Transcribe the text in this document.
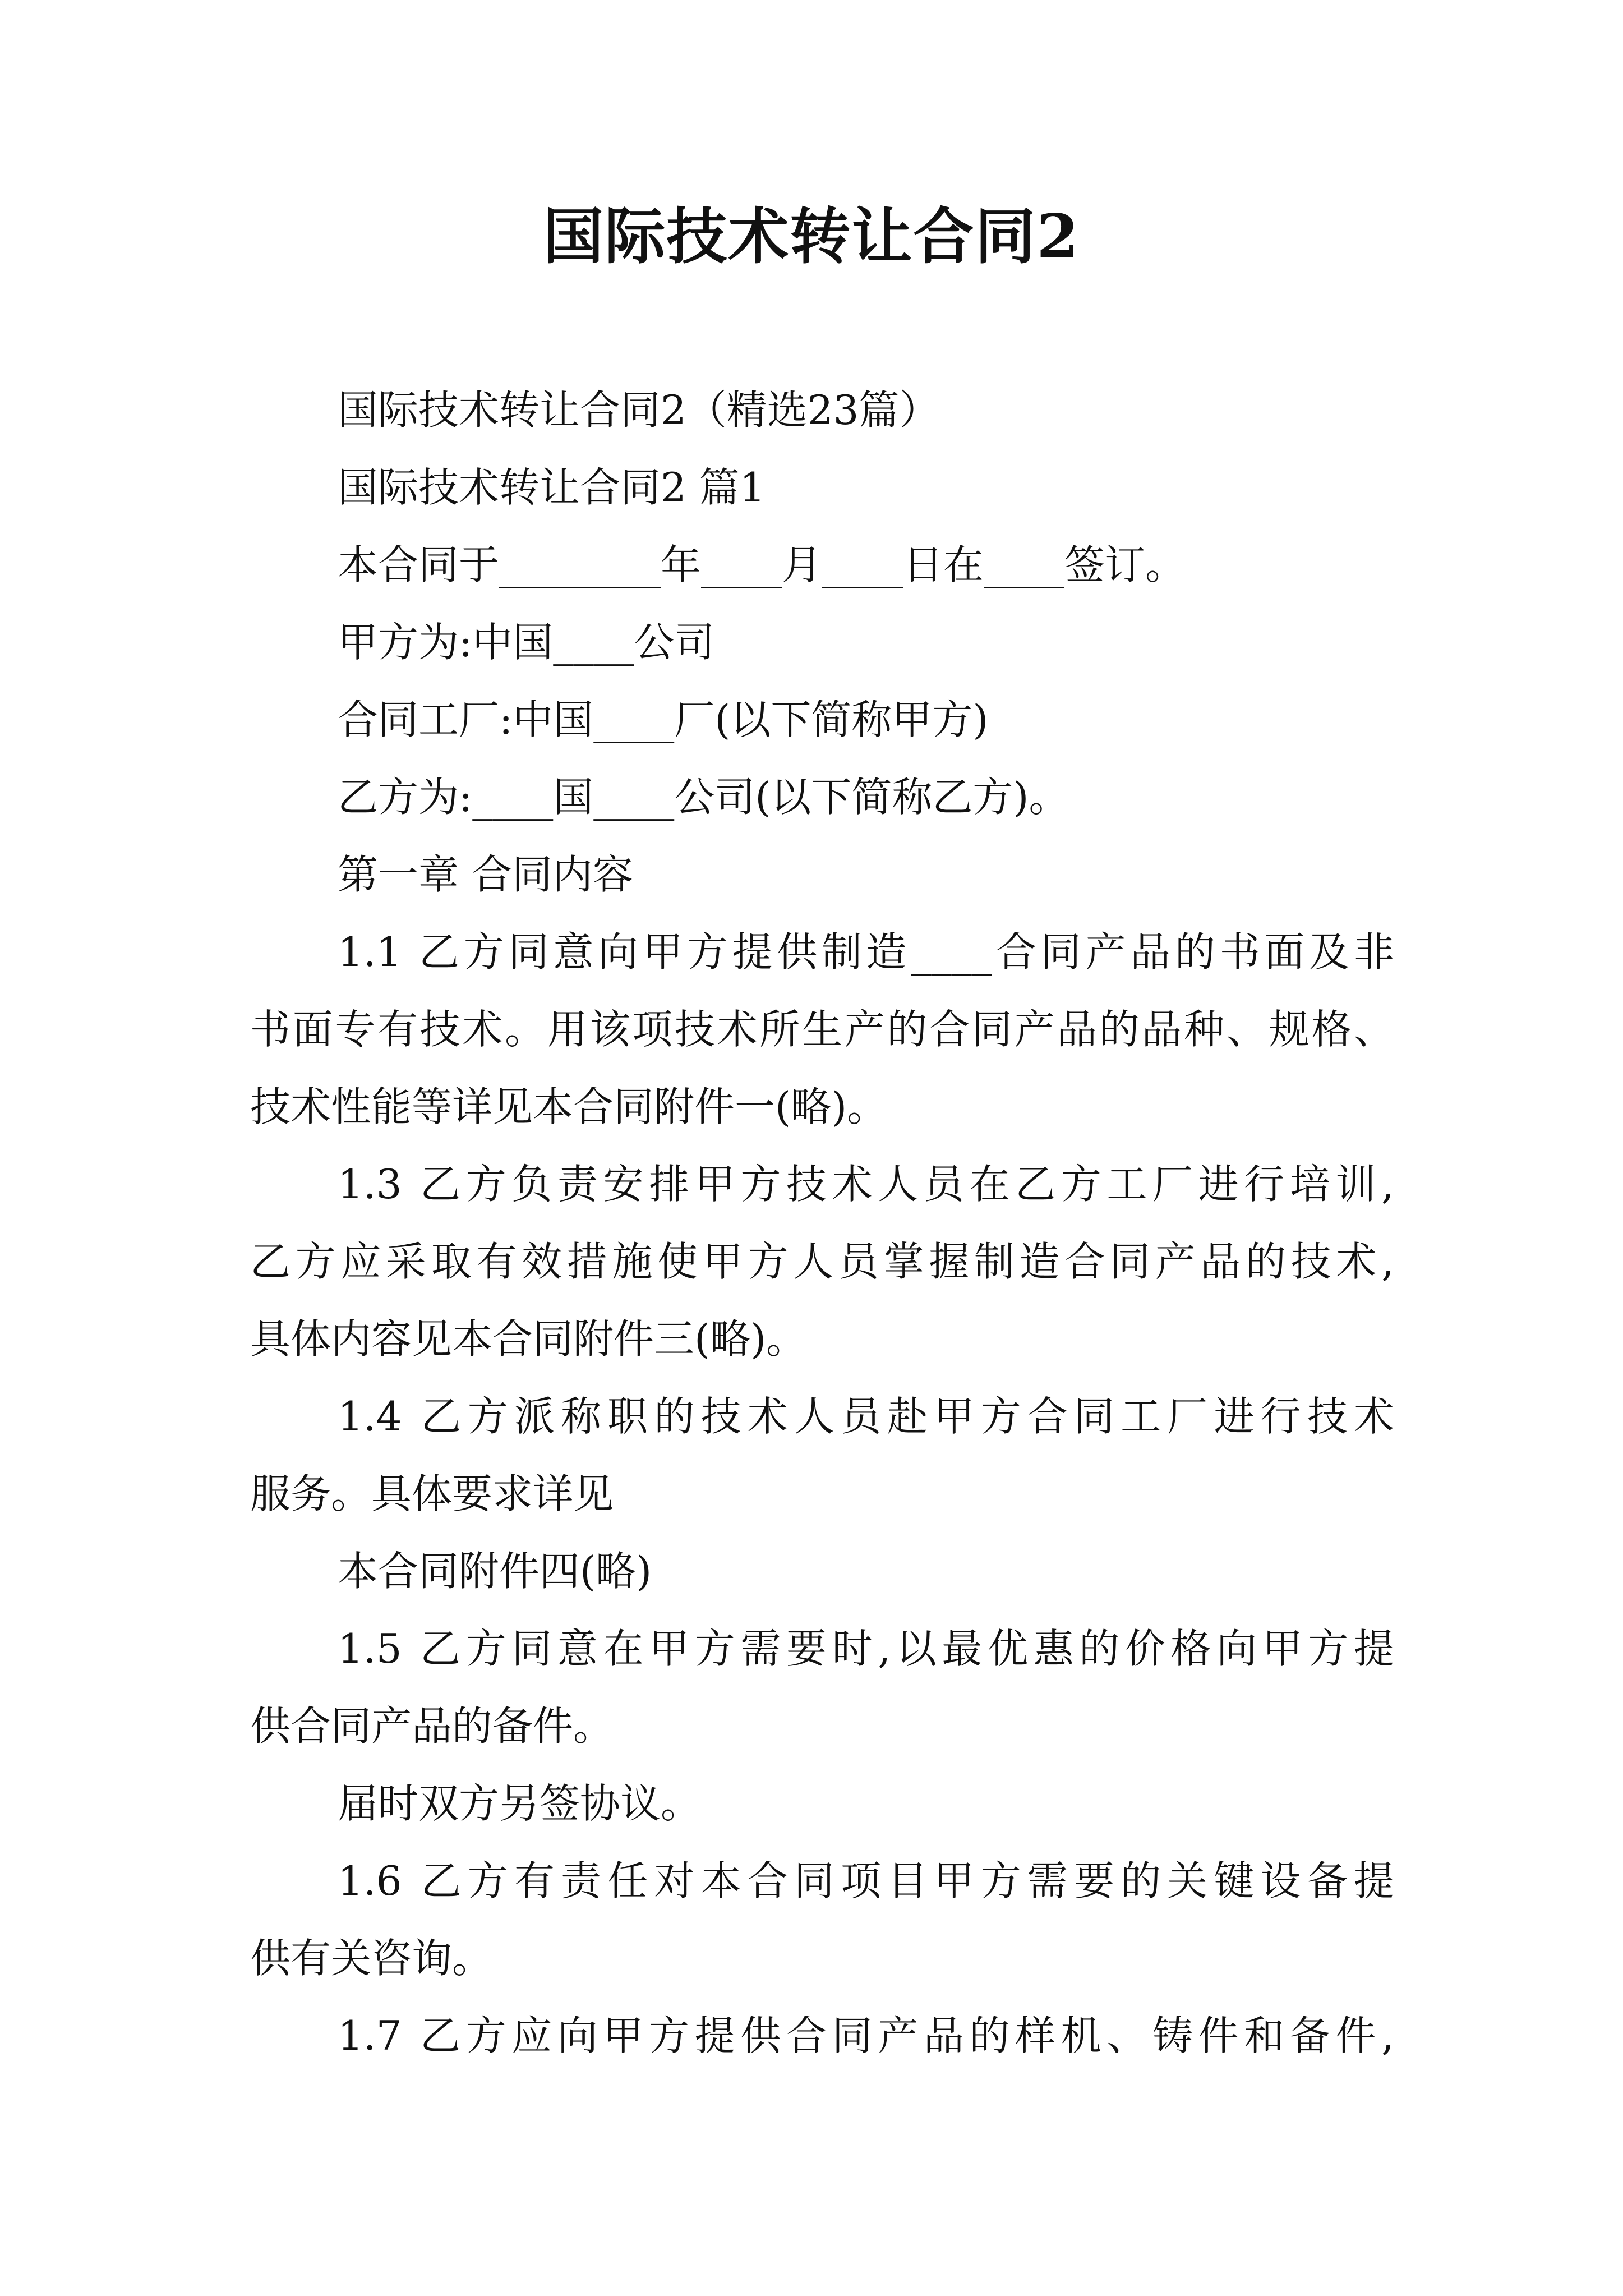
国际技术转让合同2
国际技术转让合同2（精选23篇）
国际技术转让合同2 篇1
本合同于________年____月____日在____签订。
甲方为:中国____公司
合同工厂:中国____厂(以下简称甲方)
乙方为:____国____公司(以下简称乙方)。
第一章 合同内容
1.1 乙方同意向甲方提供制造____合同产品的书面及非
书面专有技术。用该项技术所生产的合同产品的品种、规格、
技术性能等详见本合同附件一(略)。
1.3 乙方负责安排甲方技术人员在乙方工厂进行培训,
乙方应采取有效措施使甲方人员掌握制造合同产品的技术,
具体内容见本合同附件三(略)。
1.4 乙方派称职的技术人员赴甲方合同工厂进行技术
服务。具体要求详见
本合同附件四(略)
1.5 乙方同意在甲方需要时,以最优惠的价格向甲方提
供合同产品的备件。
届时双方另签协议。
1.6 乙方有责任对本合同项目甲方需要的关键设备提
供有关咨询。
1.7 乙方应向甲方提供合同产品的样机、铸件和备件,
